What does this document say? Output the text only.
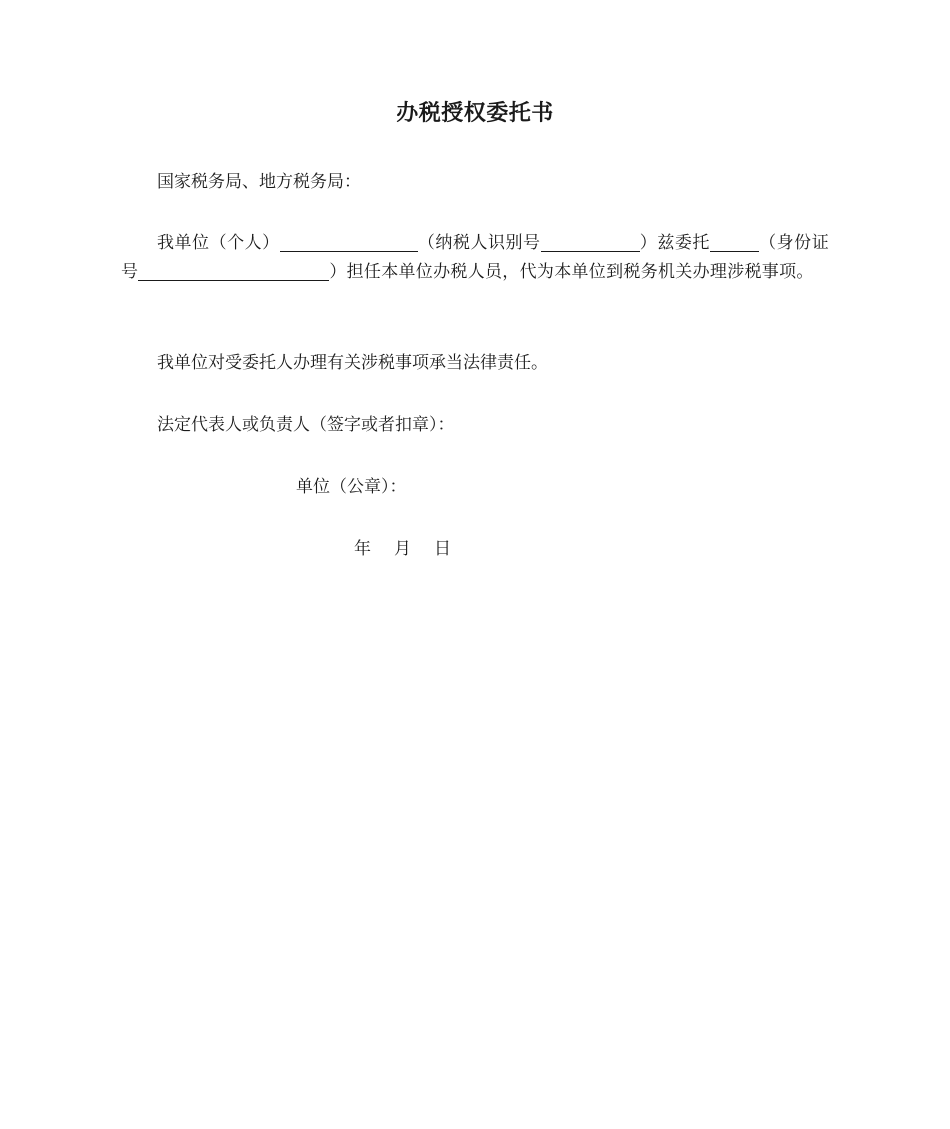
办税授权委托书
国家税务局、地方税务局：
我单位（个人）	（纳税人识别号	）兹委托	（身份证号	）担任本单位办税人员，代为本单位到税务机关办理涉税事项。
我单位对受委托人办理有关涉税事项承当法律责任。
法定代表人或负责人（签字或者扣章）：
单位（公章）：
年 月 日
